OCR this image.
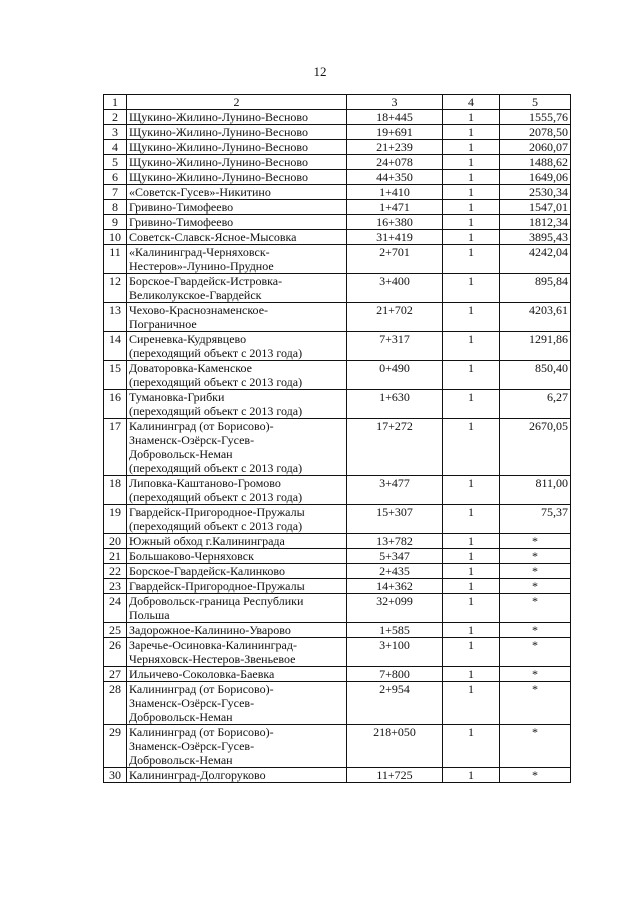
12
1	2	3	4	5
2	Щукино-Жилино-Лунино-Весново	18+445	1	1555,76
3	Щукино-Жилино-Лунино-Весново	19+691	1	2078,50
4	Щукино-Жилино-Лунино-Весново	21+239	1	2060,07
5	Щукино-Жилино-Лунино-Весново	24+078	1	1488,62
6	Щукино-Жилино-Лунино-Весново	44+350	1	1649,06
7	«Советск-Гусев»-Никитино	1+410	1	2530,34
8	Гривино-Тимофеево	1+471	1	1547,01
9	Гривино-Тимофеево	16+380	1	1812,34
10	Советск-Славск-Ясное-Мысовка	31+419	1	3895,43
11	«Калининград-Черняховск-
Нестеров»-Лунино-Прудное	2+701	1	4242,04
12	Борское-Гвардейск-Истровка-
Великолукское-Гвардейск	3+400	1	895,84
13	Чехово-Краснознаменское-
Пограничное	21+702	1	4203,61
14	Сиреневка-Кудрявцево
(переходящий объект с 2013 года)	7+317	1	1291,86
15	Доваторовка-Каменское
(переходящий объект с 2013 года)	0+490	1	850,40
16	Тумановка-Грибки
(переходящий объект с 2013 года)	1+630	1	6,27
17	Калининград (от Борисово)-
Знаменск-Озёрск-Гусев-
Добровольск-Неман
(переходящий объект с 2013 года)	17+272	1	2670,05
18	Липовка-Каштаново-Громово
(переходящий объект с 2013 года)	3+477	1	811,00
19	Гвардейск-Пригородное-Пружалы
(переходящий объект с 2013 года)	15+307	1	75,37
20	Южный обход г.Калининграда	13+782	1	*
21	Большаково-Черняховск	5+347	1	*
22	Борское-Гвардейск-Калинково	2+435	1	*
23	Гвардейск-Пригородное-Пружалы	14+362	1	*
24	Добровольск-граница Республики
Польша	32+099	1	*
25	Задорожное-Калинино-Уварово	1+585	1	*
26	Заречье-Осиновка-Калининград-
Черняховск-Нестеров-Звеньевое	3+100	1	*
27	Ильичево-Соколовка-Баевка	7+800	1	*
28	Калининград (от Борисово)-
Знаменск-Озёрск-Гусев-
Добровольск-Неман	2+954	1	*
29	Калининград (от Борисово)-
Знаменск-Озёрск-Гусев-
Добровольск-Неман	218+050	1	*
30	Калининград-Долгоруково	11+725	1	*
